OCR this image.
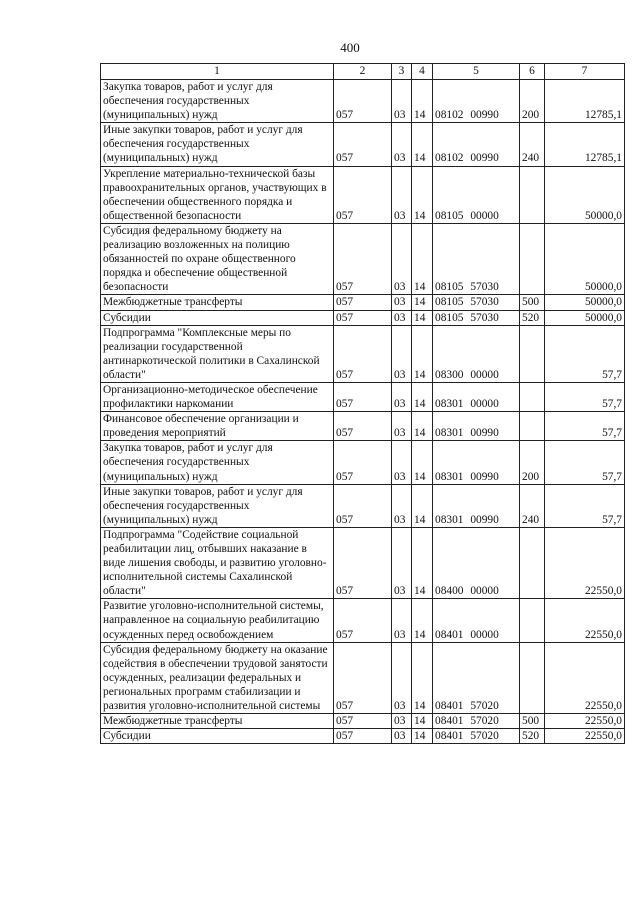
400
1	2	3	4	5	6	7
Закупка товаров, работ и услуг для обеспечения государственных (муниципальных) нужд	057	03	14	08102 00990	200	12785,1
Иные закупки товаров, работ и услуг для обеспечения государственных (муниципальных) нужд	057	03	14	08102 00990	240	12785,1
Укрепление материально-технической базы правоохранительных органов, участвующих в обеспечении общественного порядка и общественной безопасности	057	03	14	08105 00000		50000,0
Субсидия федеральному бюджету на реализацию возложенных на полицию обязанностей по охране общественного порядка и обеспечение общественной безопасности	057	03	14	08105 57030		50000,0
Межбюджетные трансферты	057	03	14	08105 57030	500	50000,0
Субсидии	057	03	14	08105 57030	520	50000,0
Подпрограмма "Комплексные меры по реализации государственной антинаркотической политики в Сахалинской области"	057	03	14	08300 00000		57,7
Организационно-методическое обеспечение профилактики наркомании	057	03	14	08301 00000		57,7
Финансовое обеспечение организации и проведения мероприятий	057	03	14	08301 00990		57,7
Закупка товаров, работ и услуг для обеспечения государственных (муниципальных) нужд	057	03	14	08301 00990	200	57,7
Иные закупки товаров, работ и услуг для обеспечения государственных (муниципальных) нужд	057	03	14	08301 00990	240	57,7
Подпрограмма "Содействие социальной реабилитации лиц, отбывших наказание в виде лишения свободы, и развитию уголовно-исполнительной системы Сахалинской области"	057	03	14	08400 00000		22550,0
Развитие уголовно-исполнительной системы, направленное на социальную реабилитацию осужденных перед освобождением	057	03	14	08401 00000		22550,0
Субсидия федеральному бюджету на оказание содействия в обеспечении трудовой занятости осужденных, реализации федеральных и региональных программ стабилизации и развития уголовно-исполнительной системы	057	03	14	08401 57020		22550,0
Межбюджетные трансферты	057	03	14	08401 57020	500	22550,0
Субсидии	057	03	14	08401 57020	520	22550,0
